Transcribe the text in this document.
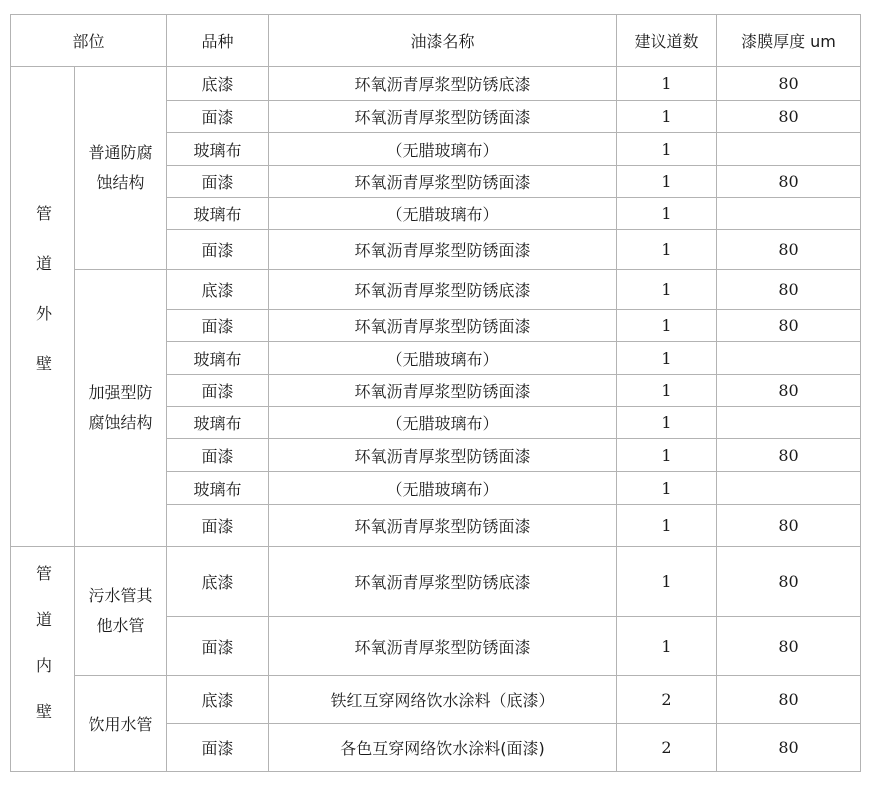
部位		品种	油漆名称	建议道数	漆膜厚度 um
管道外壁	普通防腐蚀结构	底漆	环氧沥青厚浆型防锈底漆	1	80
		面漆	环氧沥青厚浆型防锈面漆	1	80
		玻璃布	（无腊玻璃布）	1	
		面漆	环氧沥青厚浆型防锈面漆	1	80
		玻璃布	（无腊玻璃布）	1	
		面漆	环氧沥青厚浆型防锈面漆	1	80
	加强型防腐蚀结构	底漆	环氧沥青厚浆型防锈底漆	1	80
		面漆	环氧沥青厚浆型防锈面漆	1	80
		玻璃布	（无腊玻璃布）	1	
		面漆	环氧沥青厚浆型防锈面漆	1	80
		玻璃布	（无腊玻璃布）	1	
		面漆	环氧沥青厚浆型防锈面漆	1	80
		玻璃布	（无腊玻璃布）	1	
		面漆	环氧沥青厚浆型防锈面漆	1	80
管道内壁	污水管其他水管	底漆	环氧沥青厚浆型防锈底漆	1	80
		面漆	环氧沥青厚浆型防锈面漆	1	80
	饮用水管	底漆	铁红互穿网络饮水涂料（底漆）	2	80
		面漆	各色互穿网络饮水涂料(面漆)	2	80
